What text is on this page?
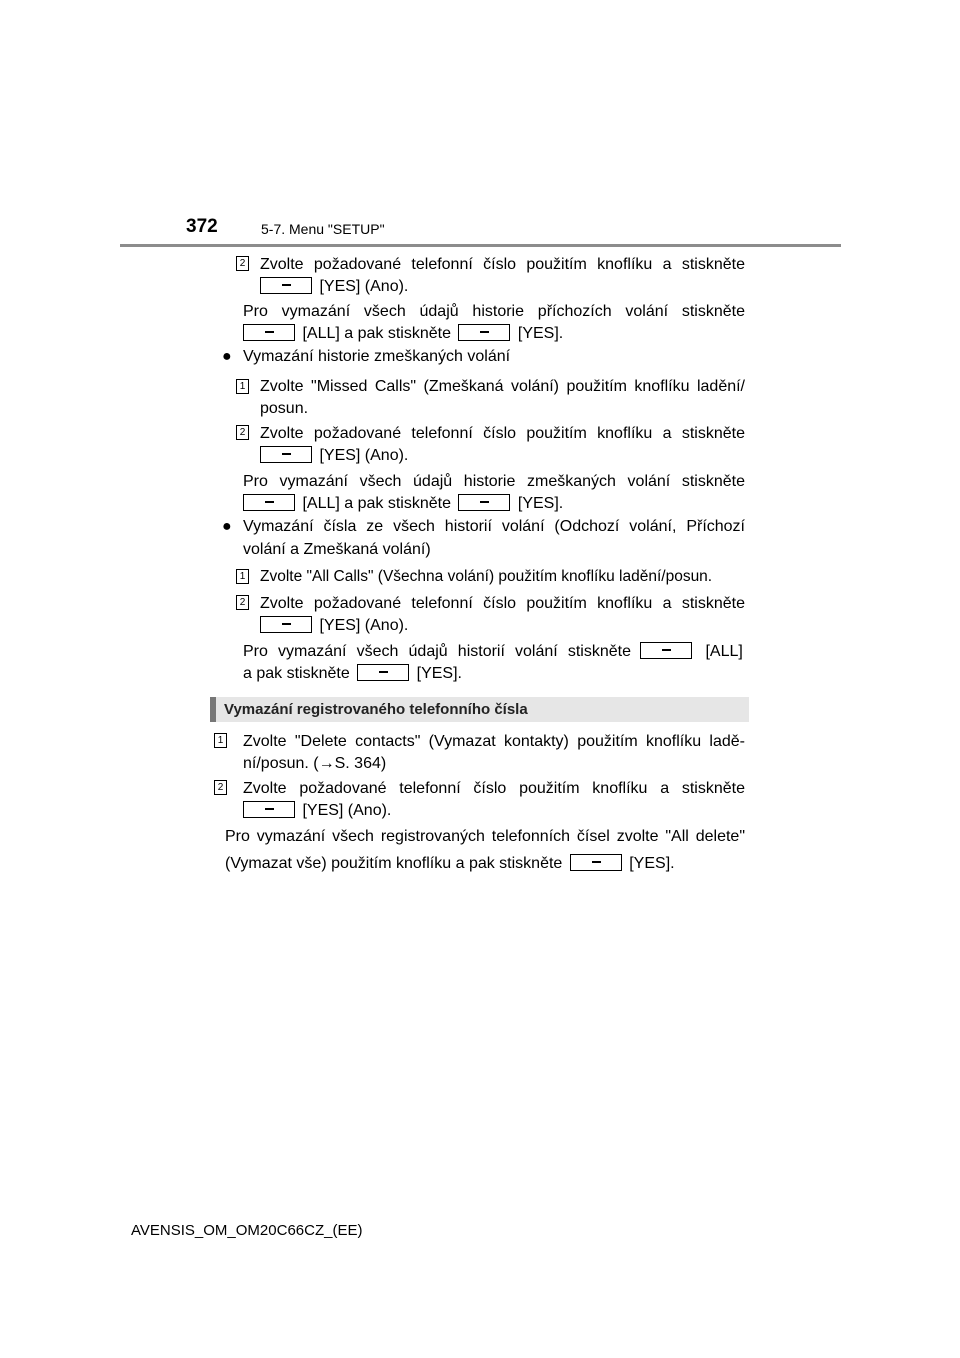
372	5-7. Menu "SETUP"
2 Zvolte požadované telefonní číslo použitím knoflíku a stiskněte
[YES] (Ano).
Pro vymazání všech údajů historie příchozích volání stiskněte
[ALL] a pak stiskněte	[YES].
● Vymazání historie zmeškaných volání
1 Zvolte "Missed Calls" (Zmeškaná volání) použitím knoflíku ladění/
posun.
2 Zvolte požadované telefonní číslo použitím knoflíku a stiskněte
[YES] (Ano).
Pro vymazání všech údajů historie zmeškaných volání stiskněte
[ALL] a pak stiskněte	[YES].
● Vymazání čísla ze všech historií volání (Odchozí volání, Příchozí
volání a Zmeškaná volání)
1 Zvolte "All Calls" (Všechna volání) použitím knoflíku ladění/posun.
2 Zvolte požadované telefonní číslo použitím knoflíku a stiskněte
[YES] (Ano).
Pro vymazání všech údajů historií volání stiskněte	[ALL]
a pak stiskněte	[YES].
Vymazání registrovaného telefonního čísla
1 Zvolte "Delete contacts" (Vymazat kontakty) použitím knoflíku ladě-
ní/posun. (→S. 364)
2 Zvolte požadované telefonní číslo použitím knoflíku a stiskněte
[YES] (Ano).
Pro vymazání všech registrovaných telefonních čísel zvolte "All delete"
(Vymazat vše) použitím knoflíku a pak stiskněte	[YES].
AVENSIS_OM_OM20C66CZ_(EE)
